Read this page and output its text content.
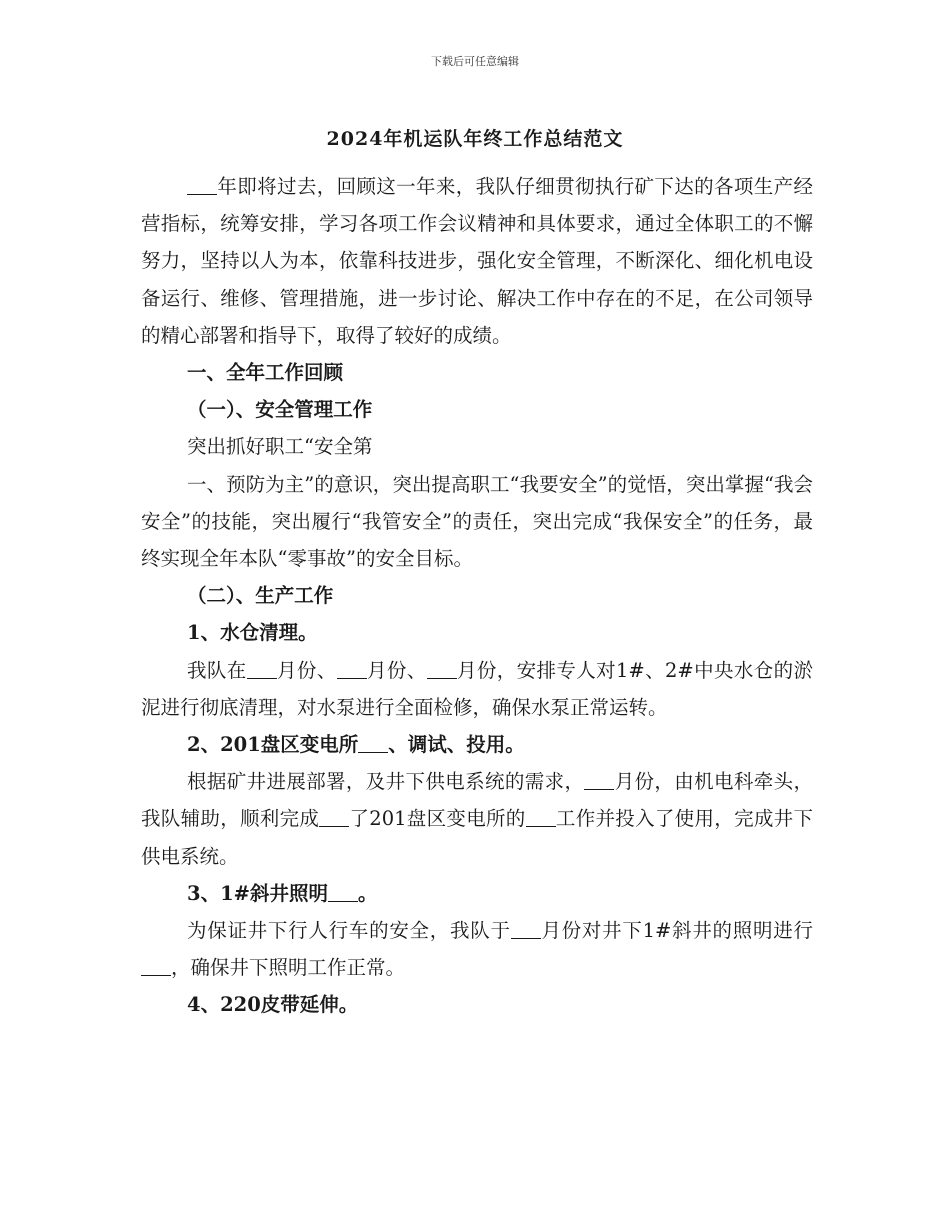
下载后可任意编辑
2024年机运队年终工作总结范文

年即将过去，回顾这一年来，我队仔细贯彻执行矿下达的各项生产经营指标，统筹安排，学习各项工作会议精神和具体要求，通过全体职工的不懈努力，坚持以人为本，依靠科技进步，强化安全管理，不断深化、细化机电设备运行、维修、管理措施，进一步讨论、解决工作中存在的不足，在公司领导的精心部署和指导下，取得了较好的成绩。

一、全年工作回顾

（一）、安全管理工作

突出抓好职工“安全第

一、预防为主”的意识，突出提高职工“我要安全”的觉悟，突出掌握“我会安全”的技能，突出履行“我管安全”的责任，突出完成“我保安全”的任务，最终实现全年本队“零事故”的安全目标。

（二）、生产工作

1、水仓清理。

我队在 月份、 月份、 月份，安排专人对1#、2#中央水仓的淤泥进行彻底清理，对水泵进行全面检修，确保水泵正常运转。

2、201盘区变电所 、调试、投用。

根据矿井进展部署，及井下供电系统的需求， 月份，由机电科牵头，我队辅助，顺利完成 了201盘区变电所的 工作并投入了使用，完成井下供电系统。

3、1#斜井照明 。

为保证井下行人行车的安全，我队于 月份对井下1#斜井的照明进行，确保井下照明工作正常。

4、220皮带延伸。
